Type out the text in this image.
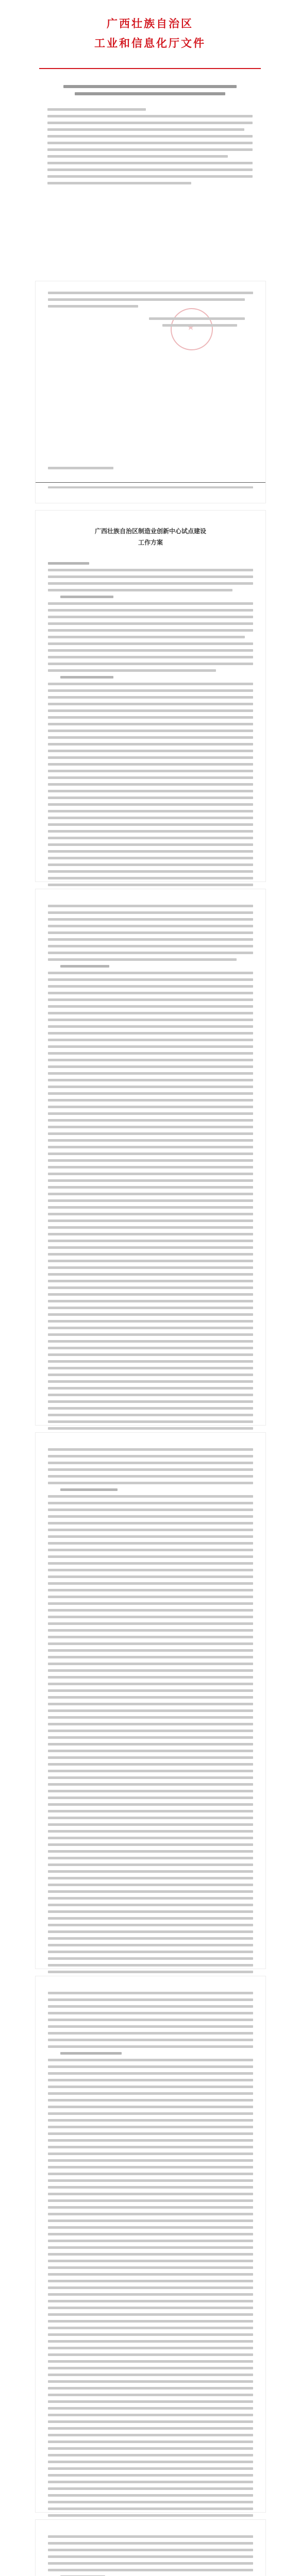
广西壮族自治区
工业和信息化厅文件
广西壮族自治区制造业创新中心试点建设
工作方案
